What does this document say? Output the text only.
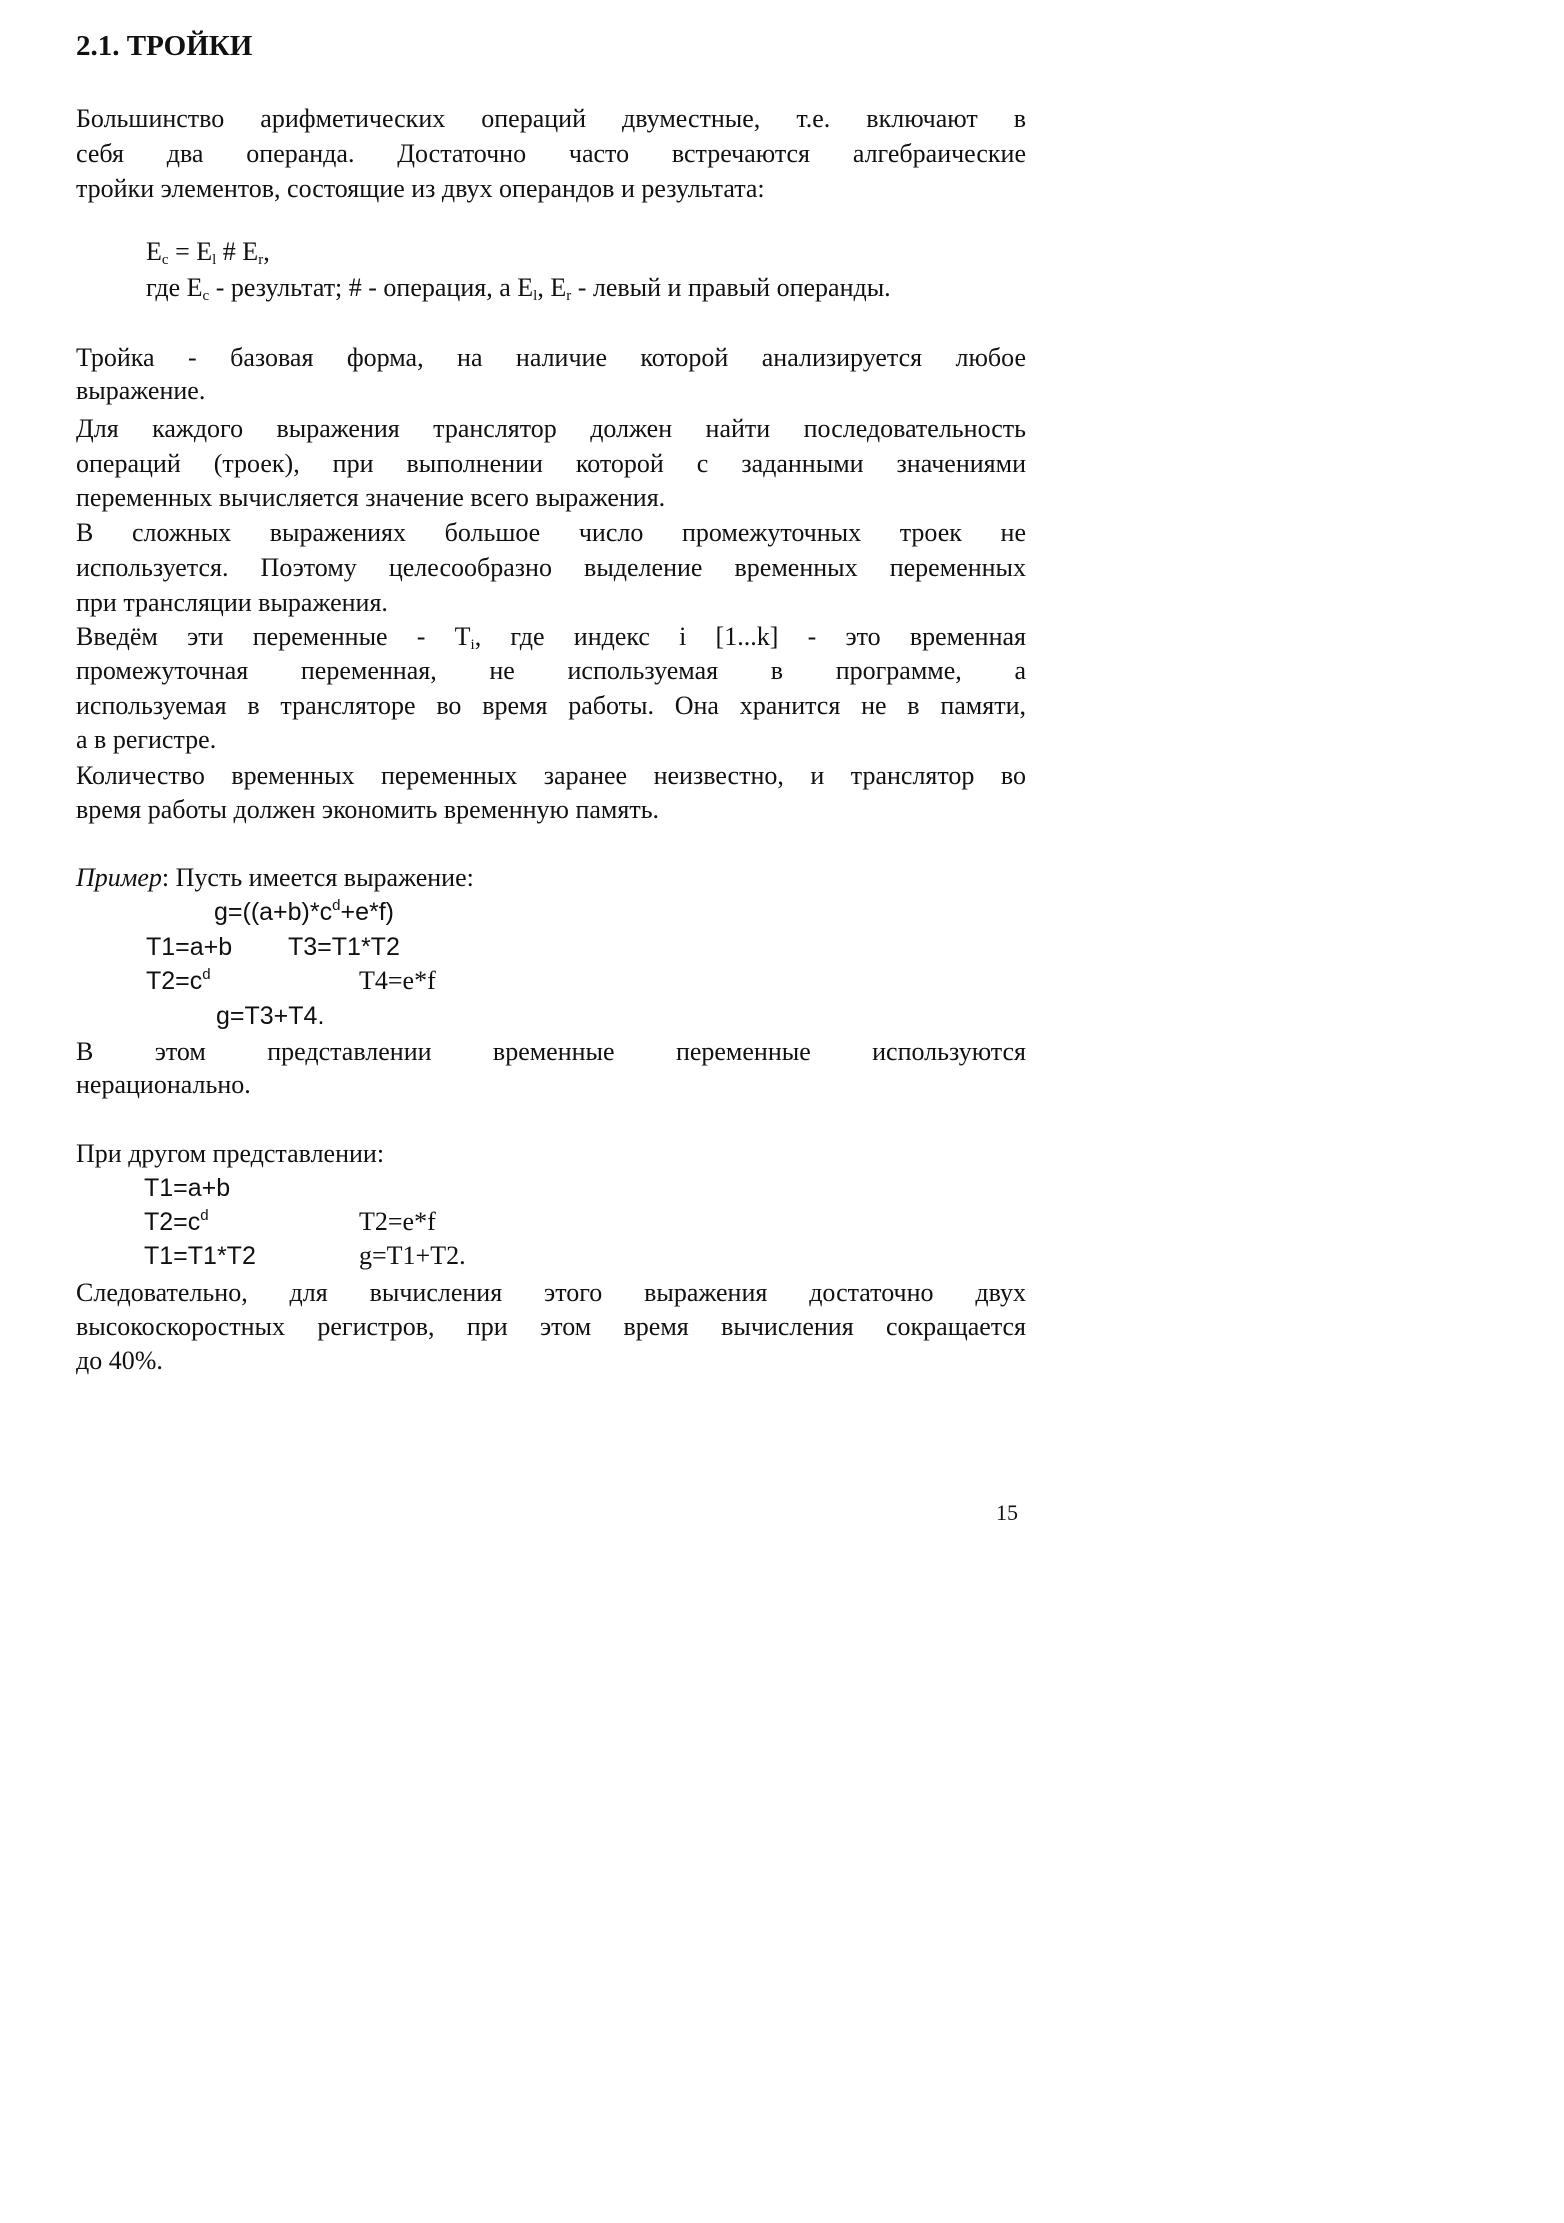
2.1. ТРОЙКИ
Большинство арифметических операций двуместные, т.е. включают в
себя два операнда. Достаточно часто встречаются алгебраические
тройки элементов, состоящие из двух операндов и результата:
$E_c = E_l$ # $E_r$,
где $E_c$ - результат; # - операция, а $E_l$, $E_r$ - левый и правый операнды.
Тройка - базовая форма, на наличие которой анализируется любое
выражение.
Для каждого выражения транслятор должен найти последовательность
операций (троек), при выполнении которой с заданными значениями
переменных вычисляется значение всего выражения.
В сложных выражениях большое число промежуточных троек не
используется. Поэтому целесообразно выделение временных переменных
при трансляции выражения.
Введём эти переменные - $T_i$, где индекс i [1...k] - это временная
промежуточная переменная, не используемая в программе, а
используемая в трансляторе во время работы. Она хранится не в памяти,
а в регистре.
Количество временных переменных заранее неизвестно, и транслятор во
время работы должен экономить временную память.
Пример: Пусть имеется выражение:
$g=((a+b)*c^d+e*f)$
T1=a+b T3=T1*T2
$T2=c^d$	T4=e*f
g=T3+T4.
В этом представлении временные переменные используются
нерационально.
При другом представлении:
T1=a+b
$T2=c^d$	T2=e*f
T1=T1*T2	g=T1+T2.
Следовательно, для вычисления этого выражения достаточно двух
высокоскоростных регистров, при этом время вычисления сокращается
до 40%.
15
